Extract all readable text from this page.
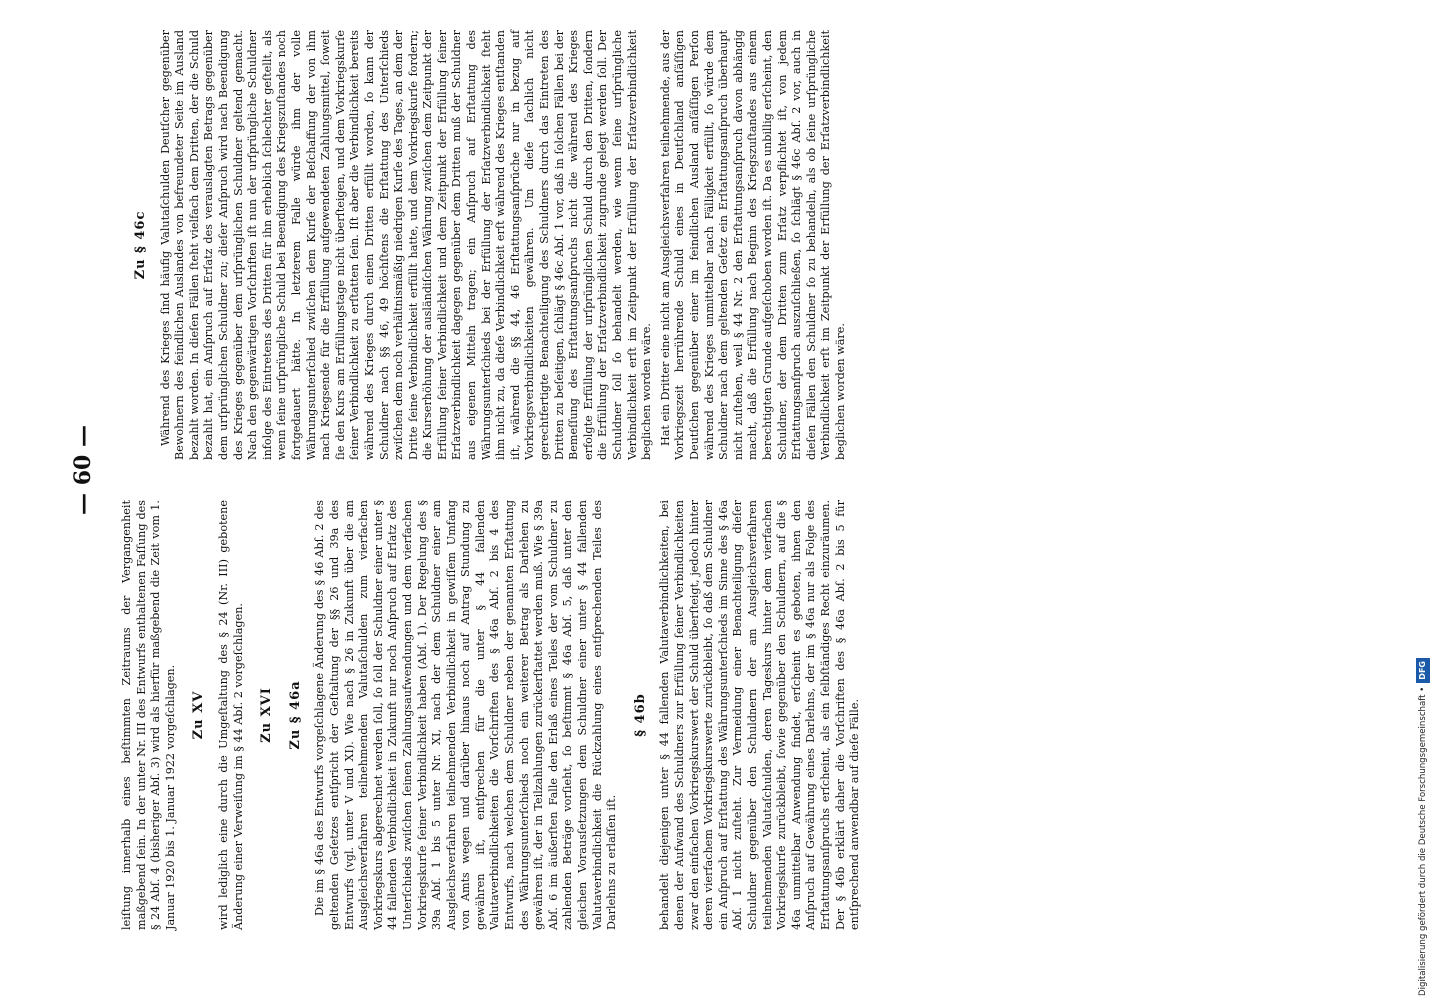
— 60 —

leiſtung innerhalb eines beſtimmten Zeitraums der Vergangenheit maßgebend ſein. In der unter Nr. III des Entwurfs enthaltenen Faſſung des § 24 Abſ. 4 (bisheriger Abſ. 3) wird als hierfür maßgebend die Zeit vom 1. Januar 1920 bis 1. Januar 1922 vorgeſchlagen. Zu XV wird lediglich eine durch die Umgeſtaltung des § 24 (Nr. III) gebotene Änderung einer Verweiſung im § 44 Abſ. 2 vorgeſchlagen. Zu XVI Zu § 46a Die im § 46a des Entwurfs vorgeſchlagene Änderung des § 46 Abſ. 2 des geltenden Geſetzes entſpricht der Geſtaltung der §§ 26 und 39a des Entwurfs (vgl. unter V und XI). Wie nach § 26 in Zukunft über die am Ausgleichsverfahren teilnehmenden Valutaſchulden zum vierfachen Vorkriegskurs abgerechnet werden ſoll, ſo ſoll der Schuldner einer unter § 44 fallenden Verbindlichkeit in Zukunft nur noch Anſpruch auf Erſatz des Unterſchieds zwiſchen ſeinen Zahlungsaufwendungen und dem vierfachen Vorkriegskurſe ſeiner Verbindlichkeit haben (Abſ. 1). Der Regelung des § 39a Abſ. 1 bis 5 unter Nr. XI, nach der dem Schuldner einer am Ausgleichsverfahren teilnehmenden Verbindlichkeit in gewiſſem Umfang von Amts wegen und darüber hinaus noch auf Antrag Stundung zu gewähren iſt, entſprechen für die unter § 44 fallenden Valutaverbindlichkeiten die Vorſchriften des § 46a Abſ. 2 bis 4 des Entwurfs, nach welchen dem Schuldner neben der genannten Erſtattung des Währungsunterſchieds noch ein weiterer Betrag als Darlehen zu gewähren iſt, der in Teilzahlungen zurückerſtattet werden muß. Wie § 39a Abſ. 6 im äußerſten Falle den Erlaß eines Teiles der vom Schuldner zu zahlenden Beträge vorſieht, ſo beſtimmt § 46a Abſ. 5, daß unter den gleichen Vorausſetzungen dem Schuldner einer unter § 44 fallenden Valutaverbindlichkeit die Rückzahlung eines entſprechenden Teiles des Darlehns zu erlaſſen iſt.

§ 46b behandelt diejenigen unter § 44 fallenden Valutaverbindlichkeiten, bei denen der Aufwand des Schuldners zur Erfüllung ſeiner Verbindlichkeiten zwar den einfachen Vorkriegskurswert der Schuld überſteigt, jedoch hinter deren vierfachem Vorkriegskurswerte zurückbleibt, ſo daß dem Schuldner ein Anſpruch auf Erſtattung des Währungsunterſchieds im Sinne des § 46a Abſ. 1 nicht zuſteht. Zur Vermeidung einer Benachteiligung dieſer Schuldner gegenüber den Schuldnern der am Ausgleichsverfahren teilnehmenden Valutaſchulden, deren Tageskurs hinter dem vierfachen Vorkriegskurſe zurückbleibt, ſowie gegenüber den Schuldnern, auf die § 46a unmittelbar Anwendung findet, erſcheint es geboten, ihnen den Anſpruch auf Gewährung eines Darlehns, der im § 46a nur als Folge des Erſtattungsanſpruchs erſcheint, als ein ſelbſtändiges Recht einzuräumen. Der § 46b erklärt daher die Vorſchriften des § 46a Abſ. 2 bis 5 für entſprechend anwendbar auf dieſe Fälle.

Zu § 46c Während des Krieges ſind häufig Valutaſchulden Deutſcher gegenüber Bewohnern des feindlichen Auslandes von befreundeter Seite im Ausland bezahlt worden. In dieſen Fällen ſteht vielfach dem Dritten, der die Schuld bezahlt hat, ein Anſpruch auf Erſatz des verauslagten Betrags gegenüber dem urſprünglichen Schuldner zu; dieſer Anſpruch wird nach Beendigung des Krieges gegenüber dem urſprünglichen Schuldner geltend gemacht. Nach den gegenwärtigen Vorſchriften iſt nun der urſprüngliche Schuldner infolge des Eintretens des Dritten für ihn erheblich ſchlechter geſtellt, als wenn ſeine urſprüngliche Schuld bei Beendigung des Kriegszuſtandes noch fortgedauert hätte. In letzterem Falle würde ihm der volle Währungsunterſchied zwiſchen dem Kurſe der Beſchaffung der von ihm nach Kriegsende für die Erfüllung aufgewendeten Zahlungsmittel, ſoweit ſie den Kurs am Erfüllungstage nicht überſteigen, und dem Vorkriegskurſe ſeiner Verbindlichkeit zu erſtatten ſein. Iſt aber die Verbindlichkeit bereits während des Krieges durch einen Dritten erfüllt worden, ſo kann der Schuldner nach §§ 46, 49 höchſtens die Erſtattung des Unterſchieds zwiſchen dem noch verhältnismäßig niedrigen Kurſe des Tages, an dem der Dritte ſeine Verbindlichkeit erfüllt hatte, und dem Vorkriegskurſe fordern; die Kurserhöhung der ausländiſchen Währung zwiſchen dem Zeitpunkt der Erfüllung ſeiner Verbindlichkeit und dem Zeitpunkt der Erfüllung ſeiner Erſatzverbindlichkeit dagegen gegenüber dem Dritten muß der Schuldner aus eigenen Mitteln tragen; ein Anſpruch auf Erſtattung des Währungsunterſchieds bei der Erfüllung der Erſatzverbindlichkeit ſteht ihm nicht zu, da dieſe Verbindlichkeit erſt während des Krieges entſtanden iſt, während die §§ 44, 46 Erſtattungsanſprüche nur in bezug auf Vorkriegsverbindlichkeiten gewähren. Um dieſe ſachlich nicht gerechtfertigte Benachteiligung des Schuldners durch das Eintreten des Dritten zu beſeitigen, ſchlägt § 46c Abſ. 1 vor, daß in ſolchen Fällen bei der Bemeſſung des Erſtattungsanſpruchs nicht die während des Krieges erfolgte Erfüllung der urſprünglichen Schuld durch den Dritten, ſondern die Erfüllung der Erſatzverbindlichkeit zugrunde gelegt werden ſoll. Der Schuldner ſoll ſo behandelt werden, wie wenn ſeine urſprüngliche Verbindlichkeit erſt im Zeitpunkt der Erfüllung der Erſatzverbindlichkeit beglichen worden wäre. Hat ein Dritter eine nicht am Ausgleichsverfahren teilnehmende, aus der Vorkriegszeit herrührende Schuld eines in Deutſchland anſäſſigen Deutſchen gegenüber einer im feindlichen Ausland anſäſſigen Perſon während des Krieges unmittelbar nach Fälligkeit erfüllt, ſo würde dem Schuldner nach dem geltenden Geſetz ein Erſtattungsanſpruch überhaupt nicht zuſtehen, weil § 44 Nr. 2 den Erſtattungsanſpruch davon abhängig macht, daß die Erfüllung nach Beginn des Kriegszuſtandes aus einem berechtigten Grunde aufgeſchoben worden iſt. Da es unbillig erſcheint, den Schuldner, der dem Dritten zum Erſatz verpflichtet iſt, von jedem Erſtattungsanſpruch auszuſchließen, ſo ſchlägt § 46c Abſ. 2 vor, auch in dieſen Fällen den Schuldner ſo zu behandeln, als ob ſeine urſprüngliche Verbindlichkeit erſt im Zeitpunkt der Erfüllung der Erſatzverbindlichkeit beglichen worden wäre.

Digitalisierung gefördert durch die Deutsche Forschungsgemeinschaft •DFG
